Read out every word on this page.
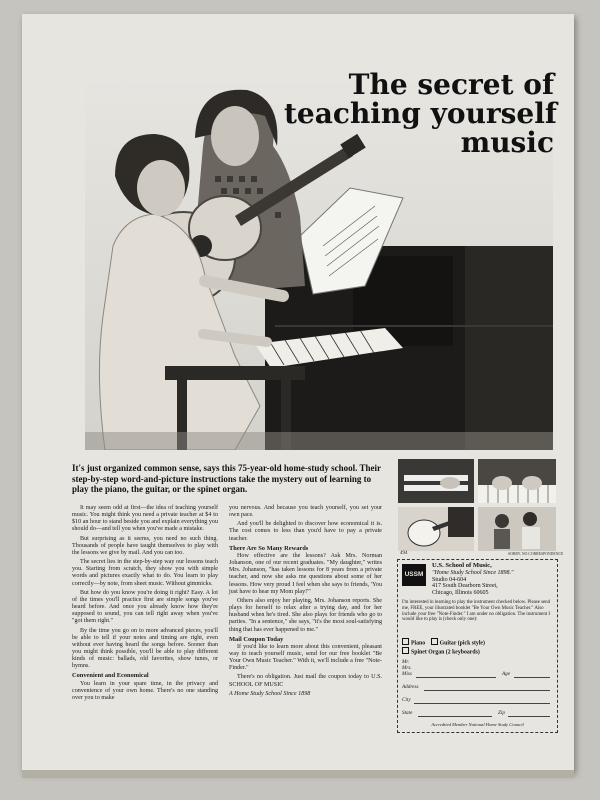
The secret of
teaching yourself
music
It's just organized common sense, says this 75-year-old home-study school. Their step-by-step word-and-picture instructions take the mystery out of learning to play the piano, the guitar, or the spinet organ.

It may seem odd at first—the idea of teaching yourself music. You might think you need a private teacher at $4 to $10 an hour to stand beside you and explain everything you should do—and tell you when you've made a mistake.

But surprising as it seems, you need no such thing. Thousands of people have taught themselves to play with the lessons we give by mail. And you can too.

The secret lies in the step-by-step way our lessons teach you. Starting from scratch, they show you with simple words and pictures exactly what to do. You learn to play correctly—by note, from sheet music. Without gimmicks.

But how do you know you're doing it right? Easy. A lot of the times you'll practice first are simple songs you've heard before. And once you already know how they're supposed to sound, you can tell right away when you've "got them right."

By the time you go on to more advanced pieces, you'll be able to tell if your notes and timing are right, even without ever having heard the songs before. Sooner than you might think possible, you'll be able to play different kinds of music: ballads, old favorites, show tunes, or hymns.

Convenient and Economical

You learn in your spare time, in the privacy and convenience of your own home. There's no one standing over you to make

you nervous. And because you teach yourself, you set your own pace.

And you'll be delighted to discover how economical it is. The cost comes to less than you'd have to pay a private teacher.

There Are So Many Rewards

How effective are the lessons? Ask Mrs. Norman Johanson, one of our recent graduates. "My daughter," writes Mrs. Johanson, "has taken lessons for 8 years from a private teacher, and now she asks me questions about some of her lessons. How very proud I feel when she says to friends, 'You just have to hear my Mom play!'"

Others also enjoy her playing, Mrs. Johanson reports. She plays for herself to relax after a trying day, and for her husband when he's tired. She also plays for friends who go to parties. "In a sentence," she says, "it's the most soul-satisfying thing that has ever happened to me."

Mail Coupon Today

If you'd like to learn more about this convenient, pleasant way to teach yourself music, send for our free booklet "Be Your Own Music Teacher." With it, we'll include a free "Note-Finder."

There's no obligation. Just mail the coupon today to U.S. SCHOOL OF MUSIC

A Home Study School Since 1898
SORRY, NO CORRESPONDENCE
494
USSM
U.S. School of Music,
"Home Study School Since 1898."
Studio 04-604
417 South Dearborn Street,
Chicago, Illinois 60605
I'm interested in learning to play the instrument checked below. Please send me, FREE, your illustrated booklet "Be Your Own Music Teacher." Also include your free "Note-Finder." I am under no obligation. The instrument I would like to play is (check only one):
Piano Guitar (pick style)
Spinet Organ (2 keyboards)
Mr.
Mrs.
Miss	Age
Address
City
State	Zip
Accredited Member National Home Study Council
